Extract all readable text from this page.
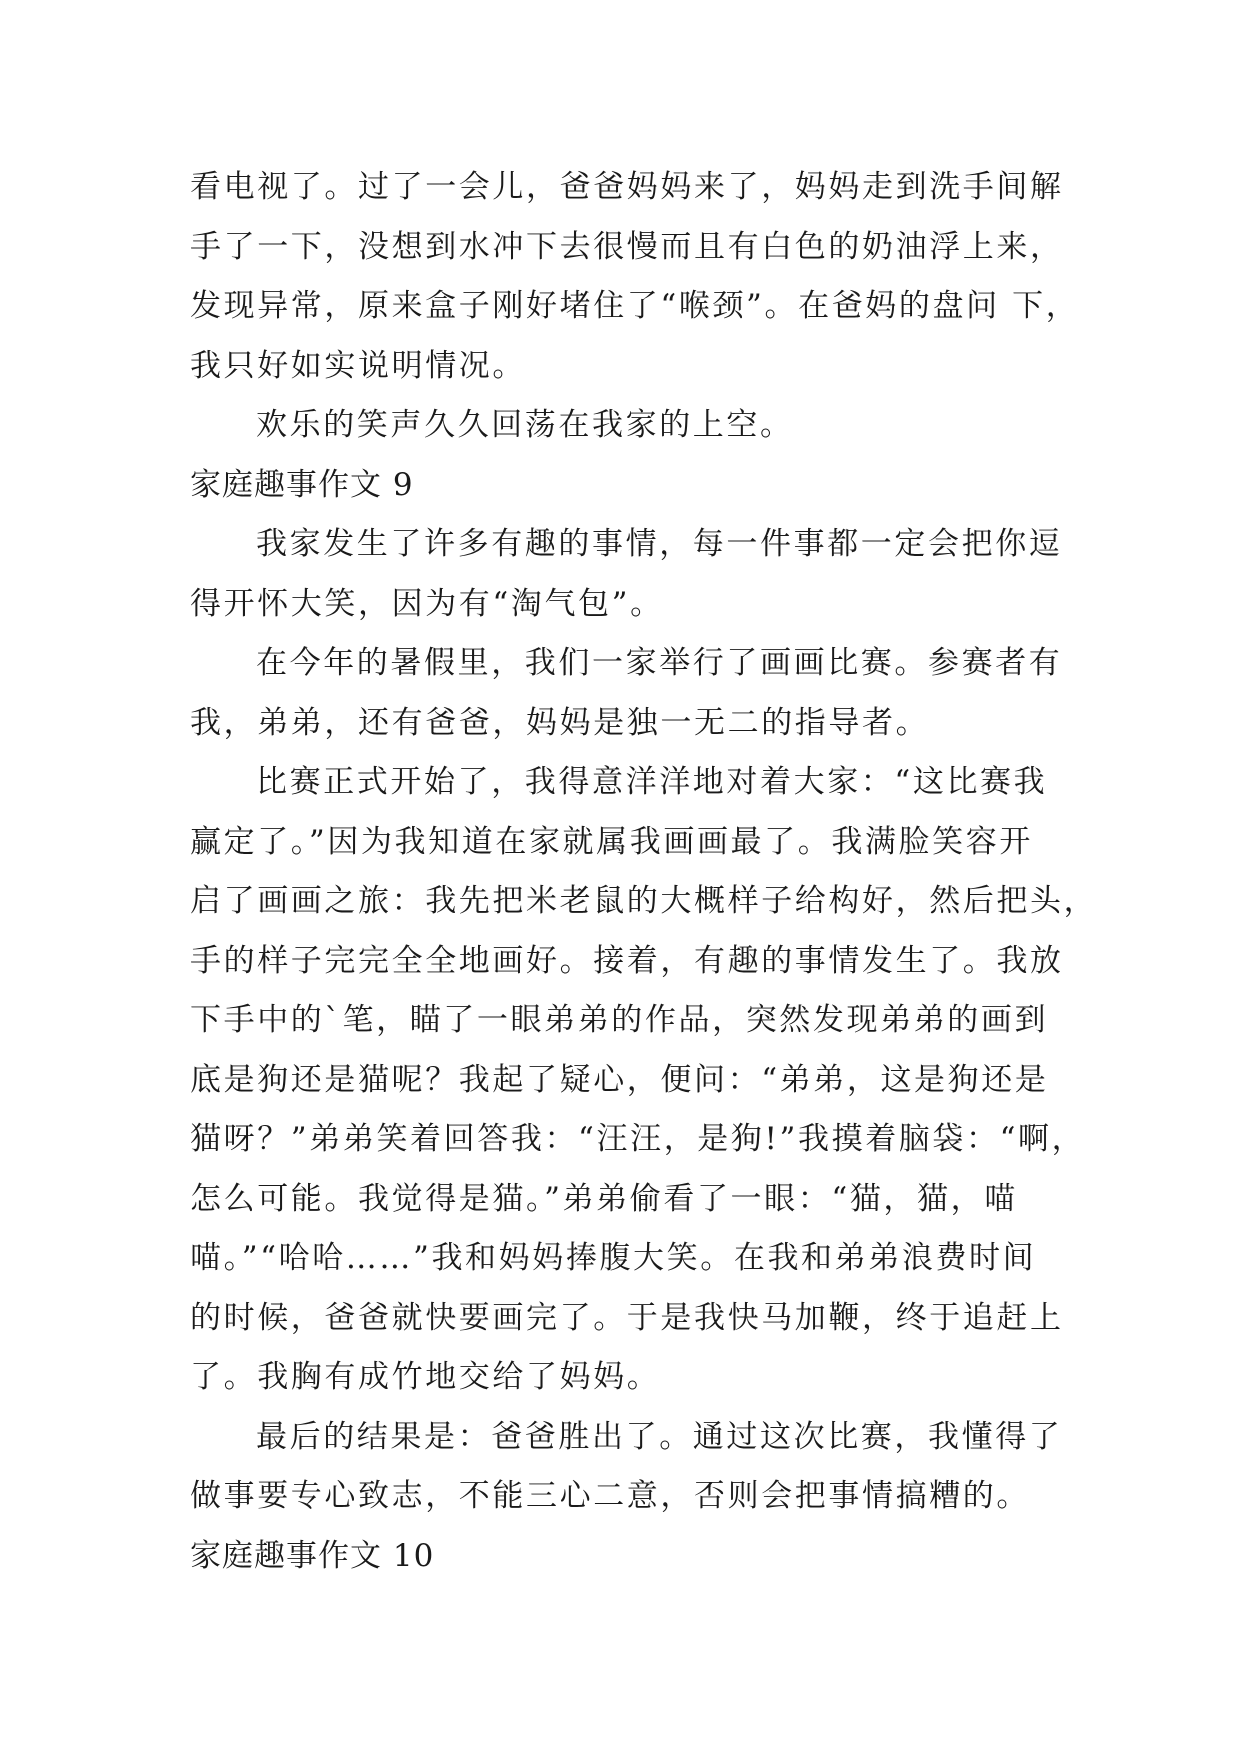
看电视了。过了一会儿，爸爸妈妈来了，妈妈走到洗手间解
手了一下，没想到水冲下去很慢而且有白色的奶油浮上来，
发现异常，原来盒子刚好堵住了“喉颈”。在爸妈的盘问 下，
我只好如实说明情况。
欢乐的笑声久久回荡在我家的上空。
家庭趣事作文 9
我家发生了许多有趣的事情，每一件事都一定会把你逗
得开怀大笑，因为有“淘气包”。
在今年的暑假里，我们一家举行了画画比赛。参赛者有
我，弟弟，还有爸爸，妈妈是独一无二的指导者。
比赛正式开始了，我得意洋洋地对着大家：“这比赛我
赢定了。”因为我知道在家就属我画画最了。我满脸笑容开
启了画画之旅：我先把米老鼠的大概样子给构好，然后把头，
手的样子完完全全地画好。接着，有趣的事情发生了。我放
下手中的`笔，瞄了一眼弟弟的作品，突然发现弟弟的画到
底是狗还是猫呢？我起了疑心，便问：“弟弟，这是狗还是
猫呀？”弟弟笑着回答我：“汪汪，是狗!”我摸着脑袋：“啊，
怎么可能。我觉得是猫。”弟弟偷看了一眼：“猫，猫，喵
喵。”“哈哈……”我和妈妈捧腹大笑。在我和弟弟浪费时间
的时候，爸爸就快要画完了。于是我快马加鞭，终于追赶上
了。我胸有成竹地交给了妈妈。
最后的结果是：爸爸胜出了。通过这次比赛，我懂得了
做事要专心致志，不能三心二意，否则会把事情搞糟的。
家庭趣事作文 10
